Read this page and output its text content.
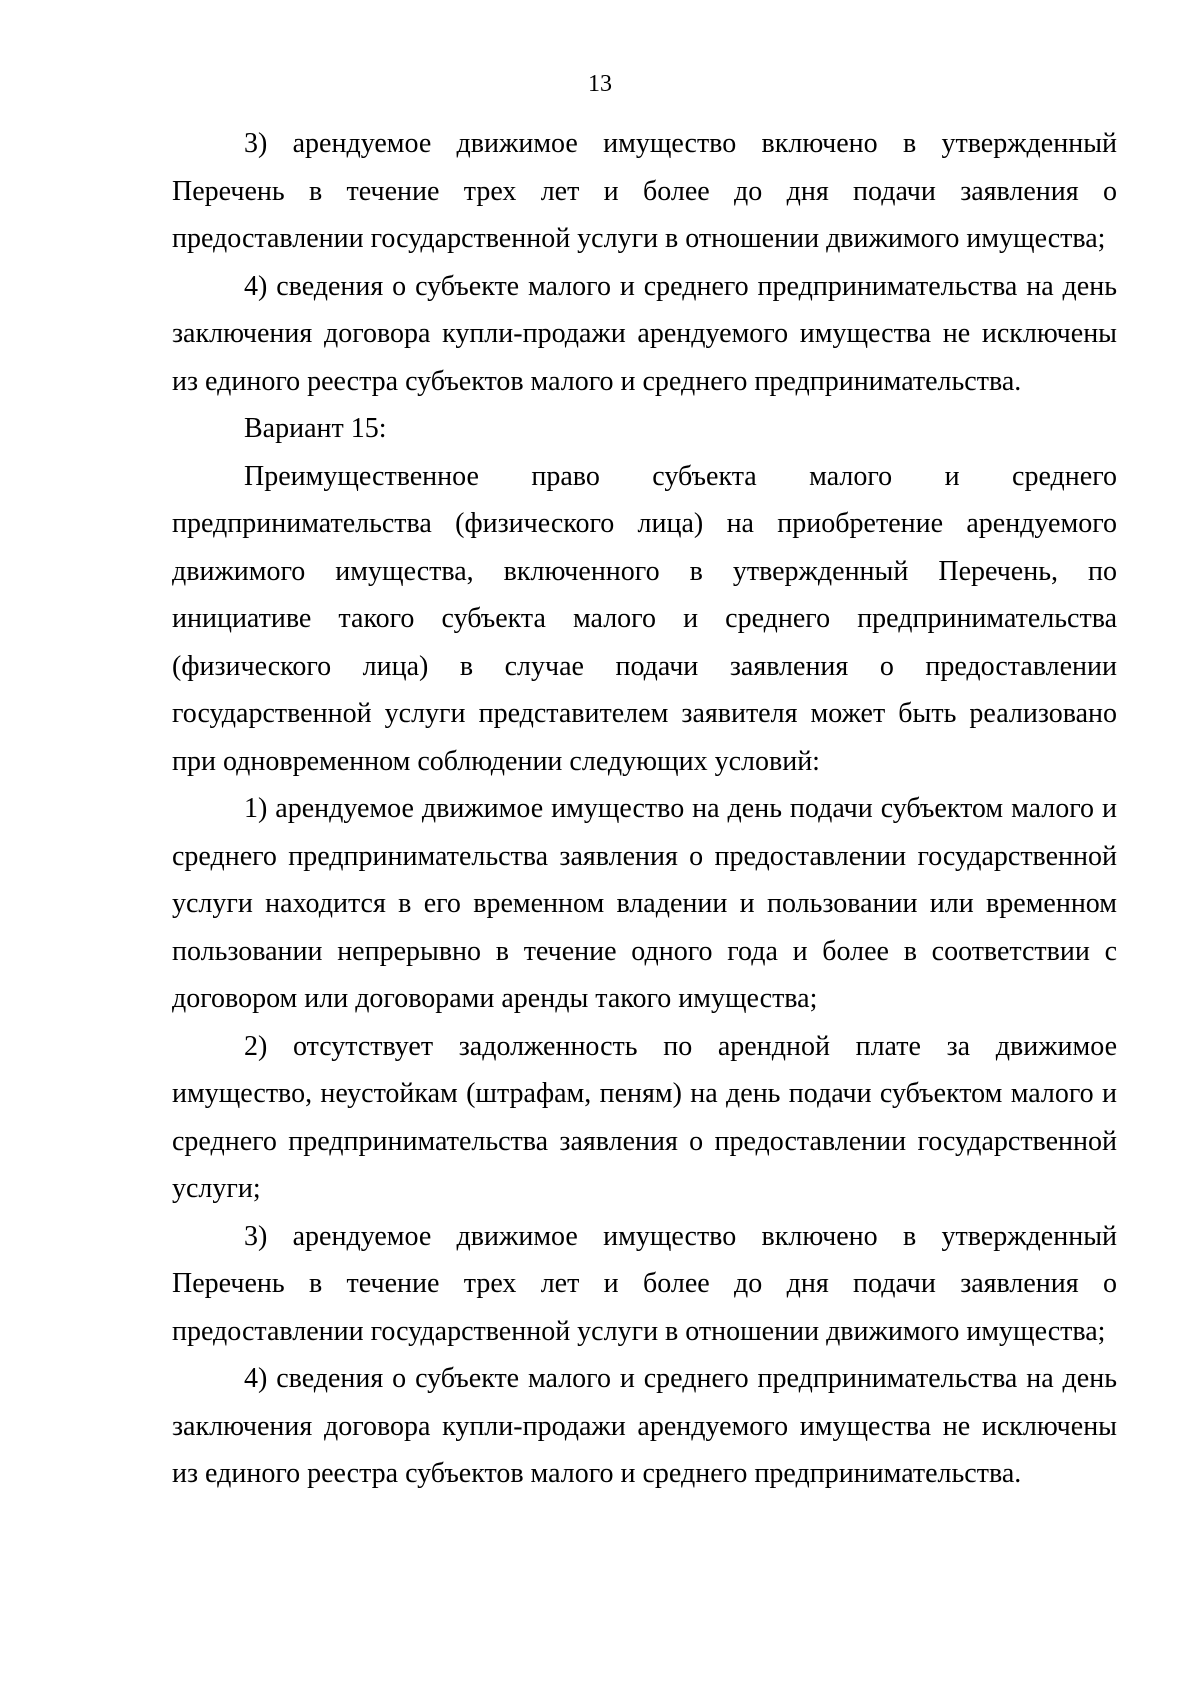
13

3) арендуемое движимое имущество включено в утвержденный Перечень в течение трех лет и более до дня подачи заявления о предоставлении государственной услуги в отношении движимого имущества;

4) сведения о субъекте малого и среднего предпринимательства на день заключения договора купли-продажи арендуемого имущества не исключены из единого реестра субъектов малого и среднего предпринимательства.

Вариант 15:

Преимущественное право субъекта малого и среднего предпринимательства (физического лица) на приобретение арендуемого движимого имущества, включенного в утвержденный Перечень, по инициативе такого субъекта малого и среднего предпринимательства (физического лица) в случае подачи заявления о предоставлении государственной услуги представителем заявителя может быть реализовано при одновременном соблюдении следующих условий:

1) арендуемое движимое имущество на день подачи субъектом малого и среднего предпринимательства заявления о предоставлении государственной услуги находится в его временном владении и пользовании или временном пользовании непрерывно в течение одного года и более в соответствии с договором или договорами аренды такого имущества;

2) отсутствует задолженность по арендной плате за движимое имущество, неустойкам (штрафам, пеням) на день подачи субъектом малого и среднего предпринимательства заявления о предоставлении государственной услуги;

3) арендуемое движимое имущество включено в утвержденный Перечень в течение трех лет и более до дня подачи заявления о предоставлении государственной услуги в отношении движимого имущества;

4) сведения о субъекте малого и среднего предпринимательства на день заключения договора купли-продажи арендуемого имущества не исключены из единого реестра субъектов малого и среднего предпринимательства.
